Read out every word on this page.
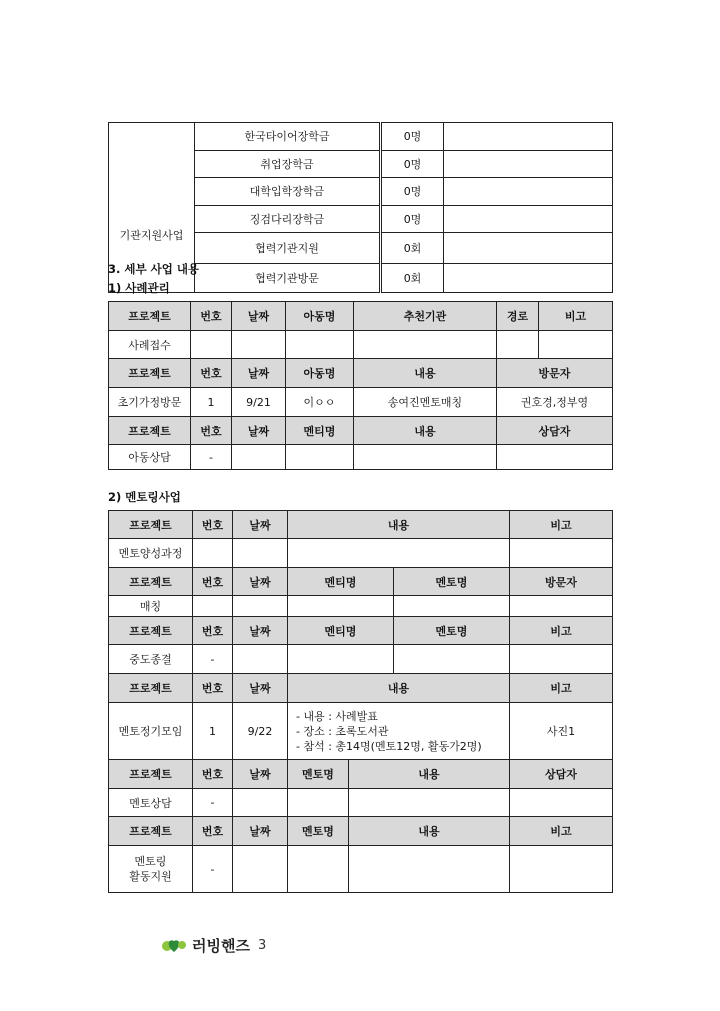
기관지원사업	한국타이어장학금	0명	
	취업장학금	0명	
	대학입학장학금	0명	
	징검다리장학금	0명	
	협력기관지원	0회	
	협력기관방문	0회	
3. 세부 사업 내용
1) 사례관리
프로젝트	번호	날짜	아동명	추천기관	경로	비고
사례접수						
프로젝트	번호	날짜	아동명	내용	방문자	
초기가정방문	1	9/21	이ㅇㅇ	송여진멘토매칭	권호경,정부영	
프로젝트	번호	날짜	멘티명	내용	상담자	
아동상담	-					
2) 멘토링사업
프로젝트	번호	날짜	내용			비고
멘토양성과정						
프로젝트	번호	날짜	멘티명		멘토명	방문자
매칭						
프로젝트	번호	날짜	멘티명		멘토명	비고
중도종결	-					
프로젝트	번호	날짜	내용			비고
멘토정기모임	1	9/22	- 내용 : 사례발표
- 장소 : 초록도서관
- 참석 : 총14명(멘토12명, 활동가2명)			사진1
프로젝트	번호	날짜	멘토명	내용		상담자
멘토상담	-					
프로젝트	번호	날짜	멘토명	내용		비고
멘토링
활동지원	-					
러빙핸즈 3
